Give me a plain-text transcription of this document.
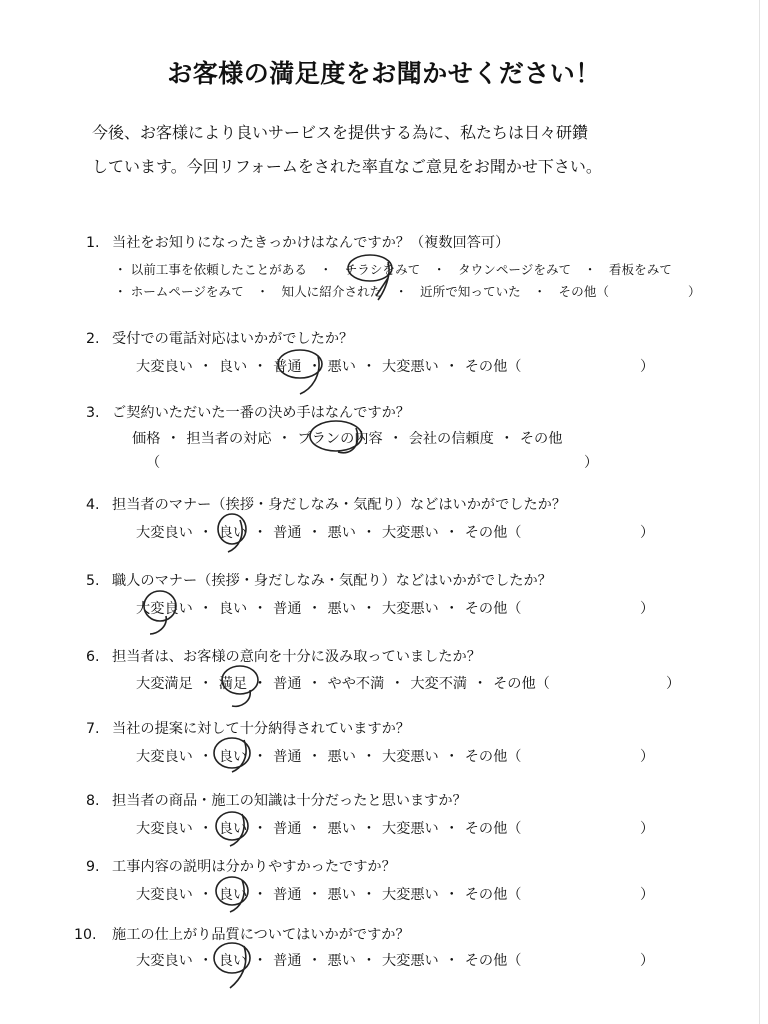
お客様の満足度をお聞かせください！
今後、お客様により良いサービスを提供する為に、私たちは日々研鑽
しています。今回リフォームをされた率直なご意見をお聞かせ下さい。
1. 当社をお知りになったきっかけはなんですか？（複数回答可）
・ 以前工事を依頼したことがある　・　チラシをみて　・　タウンページをみて　・　看板をみて
・ ホームページをみて　・　知人に紹介された　・　近所で知っていた　・　その他（	）
2. 受付での電話対応はいかがでしたか？
大変良い ・ 良い ・ 普通 ・ 悪い ・ 大変悪い ・ その他（	）
3. ご契約いただいた一番の決め手はなんですか？
価格 ・ 担当者の対応 ・ プランの内容 ・ 会社の信頼度 ・ その他
（	）
4. 担当者のマナー（挨拶・身だしなみ・気配り）などはいかがでしたか？
大変良い ・ 良い ・ 普通 ・ 悪い ・ 大変悪い ・ その他（	）
5. 職人のマナー（挨拶・身だしなみ・気配り）などはいかがでしたか？
大変良い ・ 良い ・ 普通 ・ 悪い ・ 大変悪い ・ その他（	）
6. 担当者は、お客様の意向を十分に汲み取っていましたか？
大変満足 ・ 満足 ・ 普通 ・ やや不満 ・ 大変不満 ・ その他（	）
7. 当社の提案に対して十分納得されていますか？
大変良い ・ 良い ・ 普通 ・ 悪い ・ 大変悪い ・ その他（	）
8. 担当者の商品・施工の知識は十分だったと思いますか？
大変良い ・ 良い ・ 普通 ・ 悪い ・ 大変悪い ・ その他（	）
9. 工事内容の説明は分かりやすかったですか？
大変良い ・ 良い ・ 普通 ・ 悪い ・ 大変悪い ・ その他（	）
10. 施工の仕上がり品質についてはいかがですか？
大変良い ・ 良い ・ 普通 ・ 悪い ・ 大変悪い ・ その他（	）
